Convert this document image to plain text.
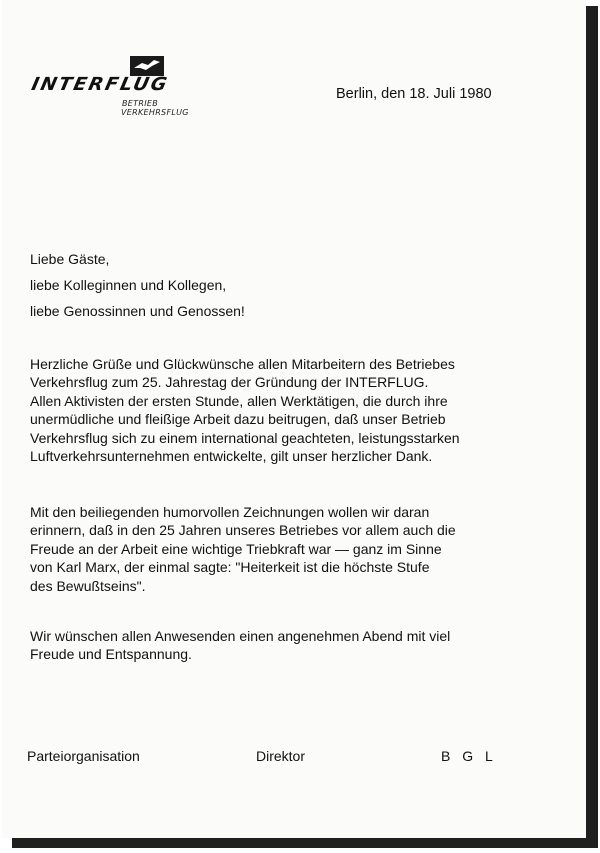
INTERFLUG
BETRIEB
VERKEHRSFLUG
Berlin, den 18. Juli 1980
Liebe Gäste,
liebe Kolleginnen und Kollegen,
liebe Genossinnen und Genossen!
Herzliche Grüße und Glückwünsche allen Mitarbeitern des Betriebes
Verkehrsflug zum 25. Jahrestag der Gründung der INTERFLUG.
Allen Aktivisten der ersten Stunde, allen Werktätigen, die durch ihre
unermüdliche und fleißige Arbeit dazu beitrugen, daß unser Betrieb
Verkehrsflug sich zu einem international geachteten, leistungsstarken
Luftverkehrsunternehmen entwickelte, gilt unser herzlicher Dank.
Mit den beiliegenden humorvollen Zeichnungen wollen wir daran
erinnern, daß in den 25 Jahren unseres Betriebes vor allem auch die
Freude an der Arbeit eine wichtige Triebkraft war — ganz im Sinne
von Karl Marx, der einmal sagte: "Heiterkeit ist die höchste Stufe
des Bewußtseins".
Wir wünschen allen Anwesenden einen angenehmen Abend mit viel
Freude und Entspannung.
Parteiorganisation	Direktor	B G L
